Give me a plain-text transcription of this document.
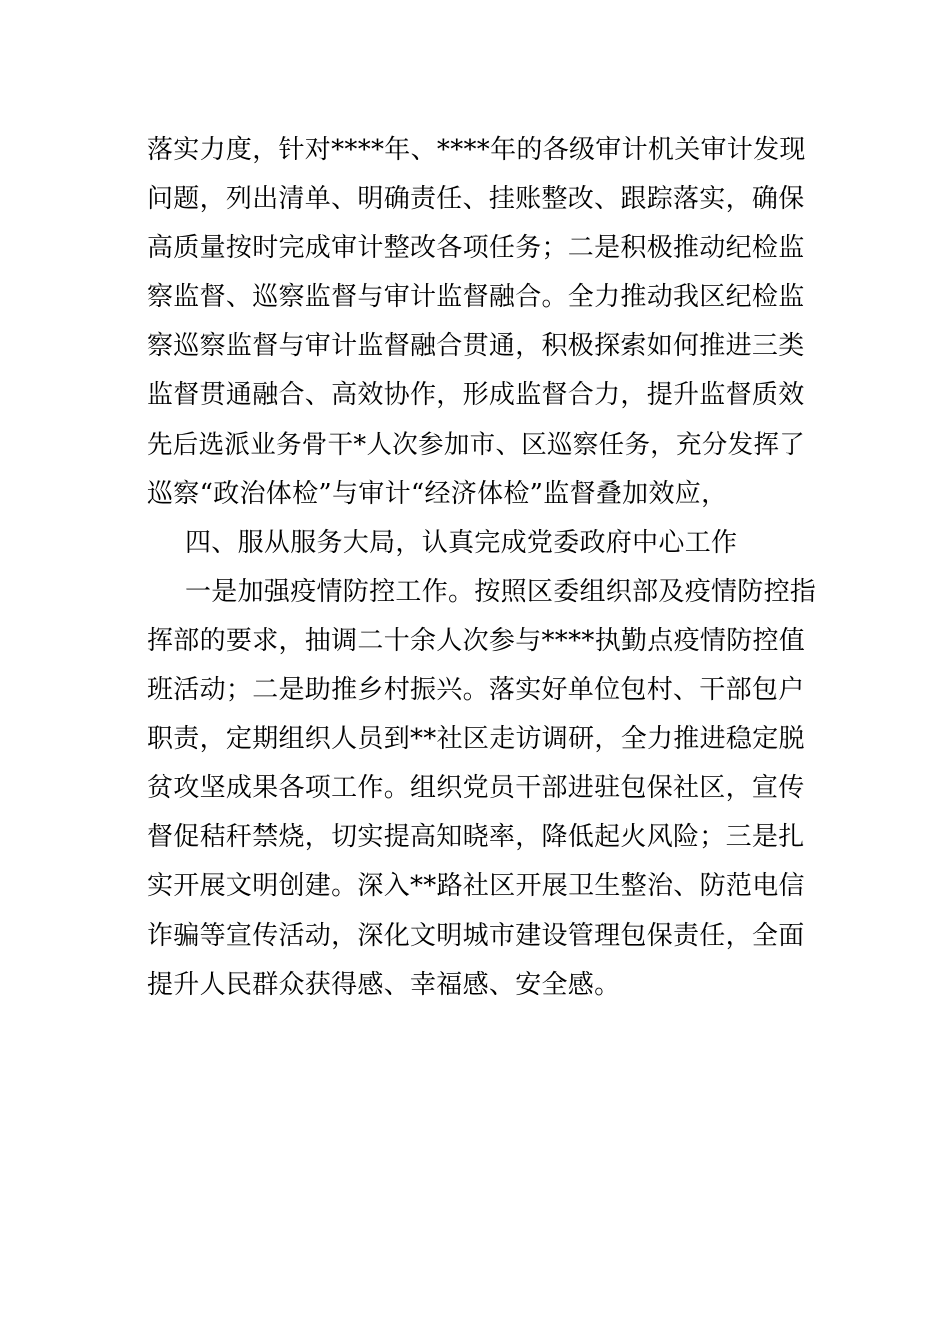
落实力度，针对****年、****年的各级审计机关审计发现
问题，列出清单、明确责任、挂账整改、跟踪落实，确保
高质量按时完成审计整改各项任务；二是积极推动纪检监
察监督、巡察监督与审计监督融合。全力推动我区纪检监
察巡察监督与审计监督融合贯通，积极探索如何推进三类
监督贯通融合、高效协作，形成监督合力，提升监督质效
先后选派业务骨干*人次参加市、区巡察任务，充分发挥了
巡察“政治体检”与审计“经济体检”监督叠加效应，
四、服从服务大局，认真完成党委政府中心工作
一是加强疫情防控工作。按照区委组织部及疫情防控指
挥部的要求，抽调二十余人次参与****执勤点疫情防控值
班活动；二是助推乡村振兴。落实好单位包村、干部包户
职责，定期组织人员到**社区走访调研，全力推进稳定脱
贫攻坚成果各项工作。组织党员干部进驻包保社区，宣传
督促秸秆禁烧，切实提高知晓率，降低起火风险；三是扎
实开展文明创建。深入**路社区开展卫生整治、防范电信
诈骗等宣传活动，深化文明城市建设管理包保责任，全面
提升人民群众获得感、幸福感、安全感。
